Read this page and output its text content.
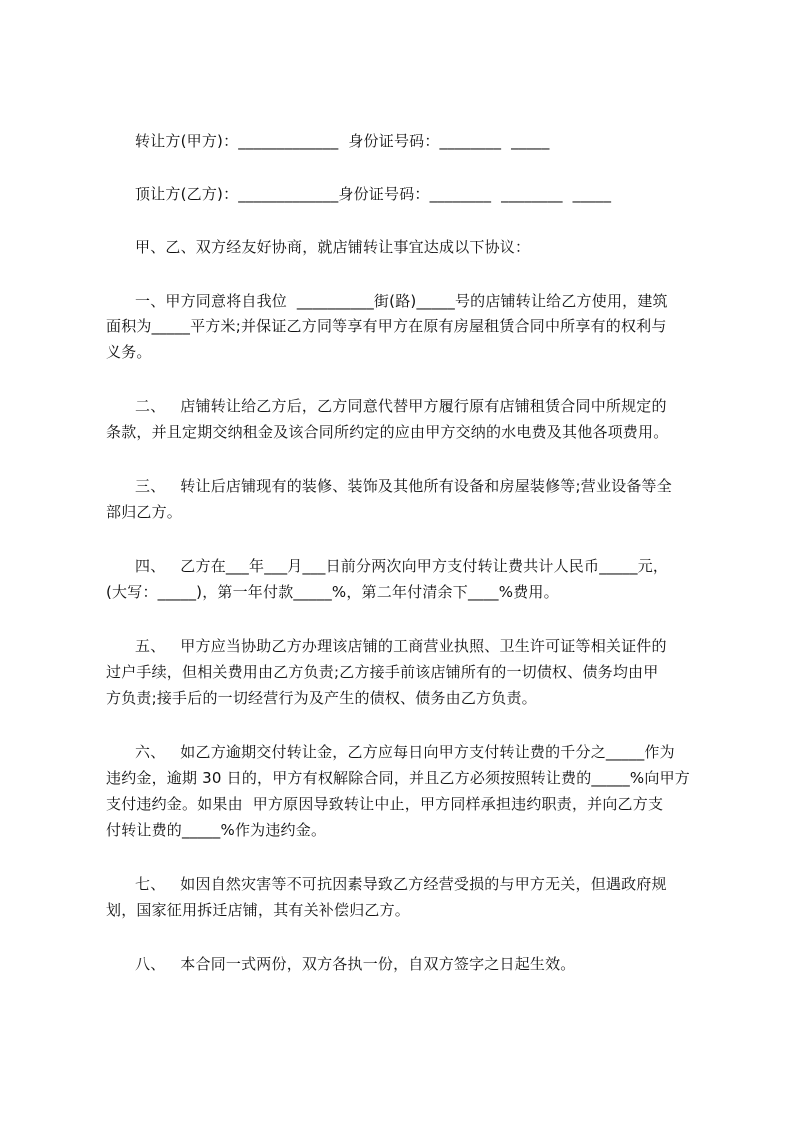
转让方(甲方)：_____________  身份证号码：________  _____
顶让方(乙方)：_____________身份证号码：________  ________  _____
甲、乙、双方经友好协商，就店铺转让事宜达成以下协议：
一、甲方同意将自我位  __________街(路)_____号的店铺转让给乙方使用，建筑
面积为_____平方米;并保证乙方同等享有甲方在原有房屋租赁合同中所享有的权利与
义务。
二、   店铺转让给乙方后，乙方同意代替甲方履行原有店铺租赁合同中所规定的
条款，并且定期交纳租金及该合同所约定的应由甲方交纳的水电费及其他各项费用。
三、   转让后店铺现有的装修、装饰及其他所有设备和房屋装修等;营业设备等全
部归乙方。
四、   乙方在___年___月___日前分两次向甲方支付转让费共计人民币_____元，
(大写：_____)，第一年付款_____%，第二年付清余下____%费用。
五、   甲方应当协助乙方办理该店铺的工商营业执照、卫生许可证等相关证件的
过户手续，但相关费用由乙方负责;乙方接手前该店铺所有的一切债权、债务均由甲
方负责;接手后的一切经营行为及产生的债权、债务由乙方负责。
六、   如乙方逾期交付转让金，乙方应每日向甲方支付转让费的千分之_____作为
违约金，逾期 30 日的，甲方有权解除合同，并且乙方必须按照转让费的_____%向甲方
支付违约金。如果由  甲方原因导致转让中止，甲方同样承担违约职责，并向乙方支
付转让费的_____%作为违约金。
七、   如因自然灾害等不可抗因素导致乙方经营受损的与甲方无关，但遇政府规
划，国家征用拆迁店铺，其有关补偿归乙方。
八、   本合同一式两份，双方各执一份，自双方签字之日起生效。
